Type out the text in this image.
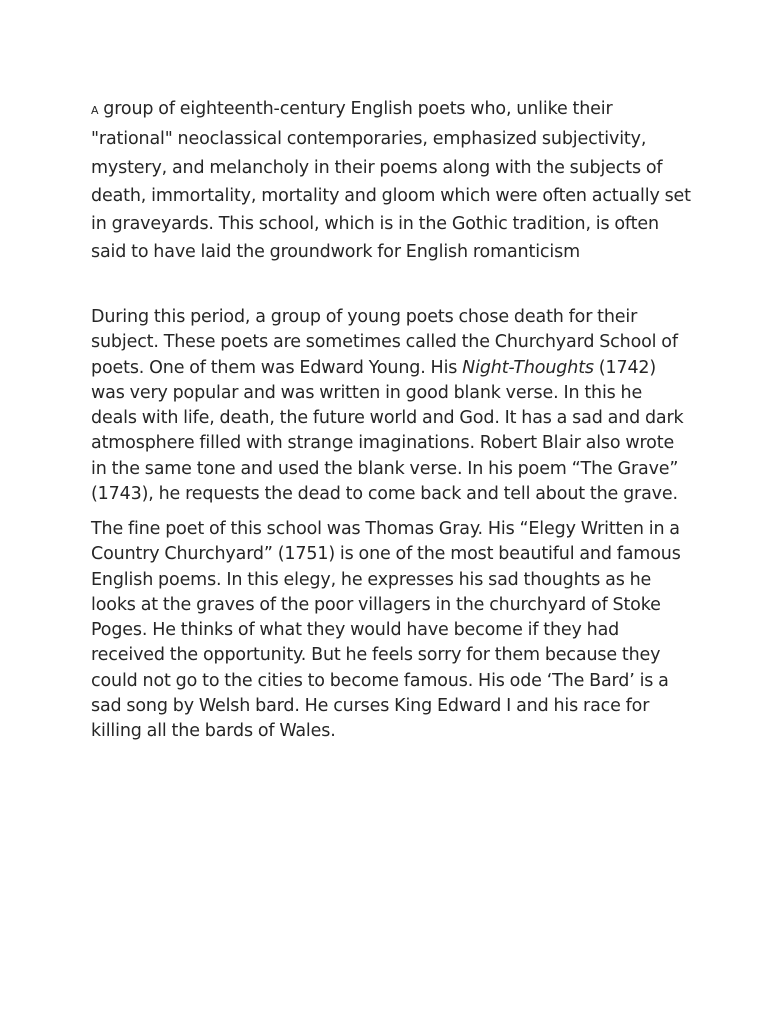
A group of eighteenth-century English poets who, unlike their "rational" neoclassical contemporaries, emphasized subjectivity, mystery, and melancholy in their poems along with the subjects of death, immortality, mortality and gloom which were often actually set in graveyards. This school, which is in the Gothic tradition, is often said to have laid the groundwork for English romanticism

During this period, a group of young poets chose death for their subject. These poets are sometimes called the Churchyard School of poets. One of them was Edward Young. His Night-Thoughts (1742) was very popular and was written in good blank verse. In this he deals with life, death, the future world and God. It has a sad and dark atmosphere filled with strange imaginations. Robert Blair also wrote in the same tone and used the blank verse. In his poem “The Grave” (1743), he requests the dead to come back and tell about the grave.

The fine poet of this school was Thomas Gray. His “Elegy Written in a Country Churchyard” (1751) is one of the most beautiful and famous English poems. In this elegy, he expresses his sad thoughts as he looks at the graves of the poor villagers in the churchyard of Stoke Poges. He thinks of what they would have become if they had received the opportunity. But he feels sorry for them because they could not go to the cities to become famous. His ode ‘The Bard’ is a sad song by Welsh bard. He curses King Edward I and his race for killing all the bards of Wales.
